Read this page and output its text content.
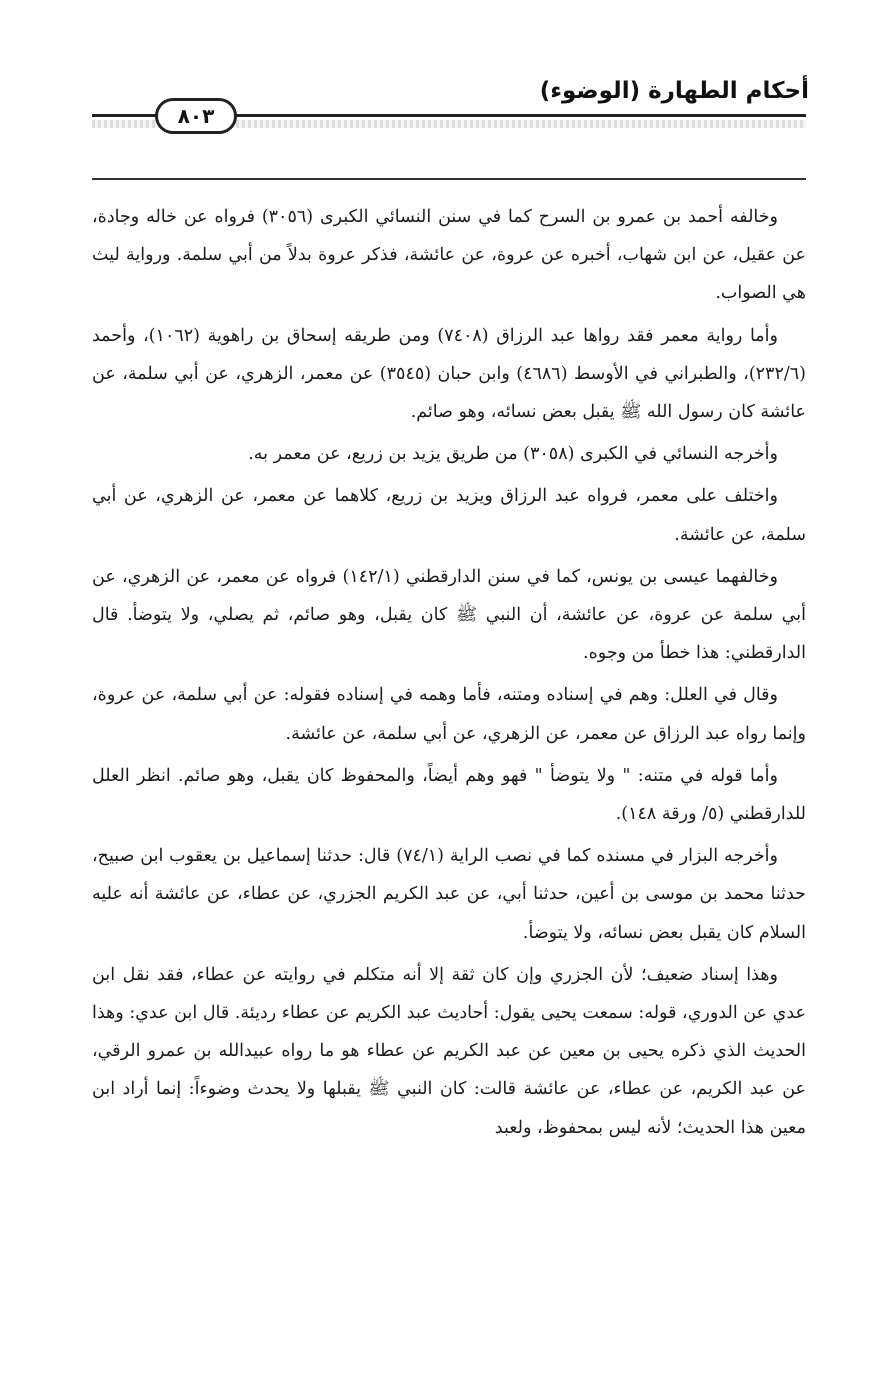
أحكام الطهارة (الوضوء)
٨٠٣

وخالفه أحمد بن عمرو بن السرح كما في سنن النسائي الكبرى (٣٠٥٦) فرواه عن خاله وجادة، عن عقيل، عن ابن شهاب، أخبره عن عروة، عن عائشة، فذكر عروة بدلاً من أبي سلمة. ورواية ليث هي الصواب.

وأما رواية معمر فقد رواها عبد الرزاق (٧٤٠٨) ومن طريقه إسحاق بن راهوية (١٠٦٢)، وأحمد (٢٣٢/٦)، والطبراني في الأوسط (٤٦٨٦) وابن حبان (٣٥٤٥) عن معمر، الزهري، عن أبي سلمة، عن عائشة كان رسول الله ﷺ يقبل بعض نسائه، وهو صائم.

وأخرجه النسائي في الكبرى (٣٠٥٨) من طريق يزيد بن زريع، عن معمر به.

واختلف على معمر، فرواه عبد الرزاق ويزيد بن زريع، كلاهما عن معمر، عن الزهري، عن أبي سلمة، عن عائشة.

وخالفهما عيسى بن يونس، كما في سنن الدارقطني (١٤٢/١) فرواه عن معمر، عن الزهري، عن أبي سلمة عن عروة، عن عائشة، أن النبي ﷺ كان يقبل، وهو صائم، ثم يصلي، ولا يتوضأ. قال الدارقطني: هذا خطأ من وجوه.

وقال في العلل: وهم في إسناده ومتنه، فأما وهمه في إسناده فقوله: عن أبي سلمة، عن عروة، وإنما رواه عبد الرزاق عن معمر، عن الزهري، عن أبي سلمة، عن عائشة.

وأما قوله في متنه: " ولا يتوضأ " فهو وهم أيضاً، والمحفوظ كان يقبل، وهو صائم. انظر العلل للدارقطني (٥/ ورقة ١٤٨).

وأخرجه البزار في مسنده كما في نصب الراية (٧٤/١) قال: حدثنا إسماعيل بن يعقوب ابن صبيح، حدثنا محمد بن موسى بن أعين، حدثنا أبي، عن عبد الكريم الجزري، عن عطاء، عن عائشة أنه عليه السلام كان يقبل بعض نسائه، ولا يتوضأ.

وهذا إسناد ضعيف؛ لأن الجزري وإن كان ثقة إلا أنه متكلم في روايته عن عطاء، فقد نقل ابن عدي عن الدوري، قوله: سمعت يحيى يقول: أحاديث عبد الكريم عن عطاء رديئة. قال ابن عدي: وهذا الحديث الذي ذكره يحيى بن معين عن عبد الكريم عن عطاء هو ما رواه عبيدالله بن عمرو الرقي، عن عبد الكريم، عن عطاء، عن عائشة قالت: كان النبي ﷺ يقبلها ولا يحدث وضوءاً: إنما أراد ابن معين هذا الحديث؛ لأنه ليس بمحفوظ، ولعبد
